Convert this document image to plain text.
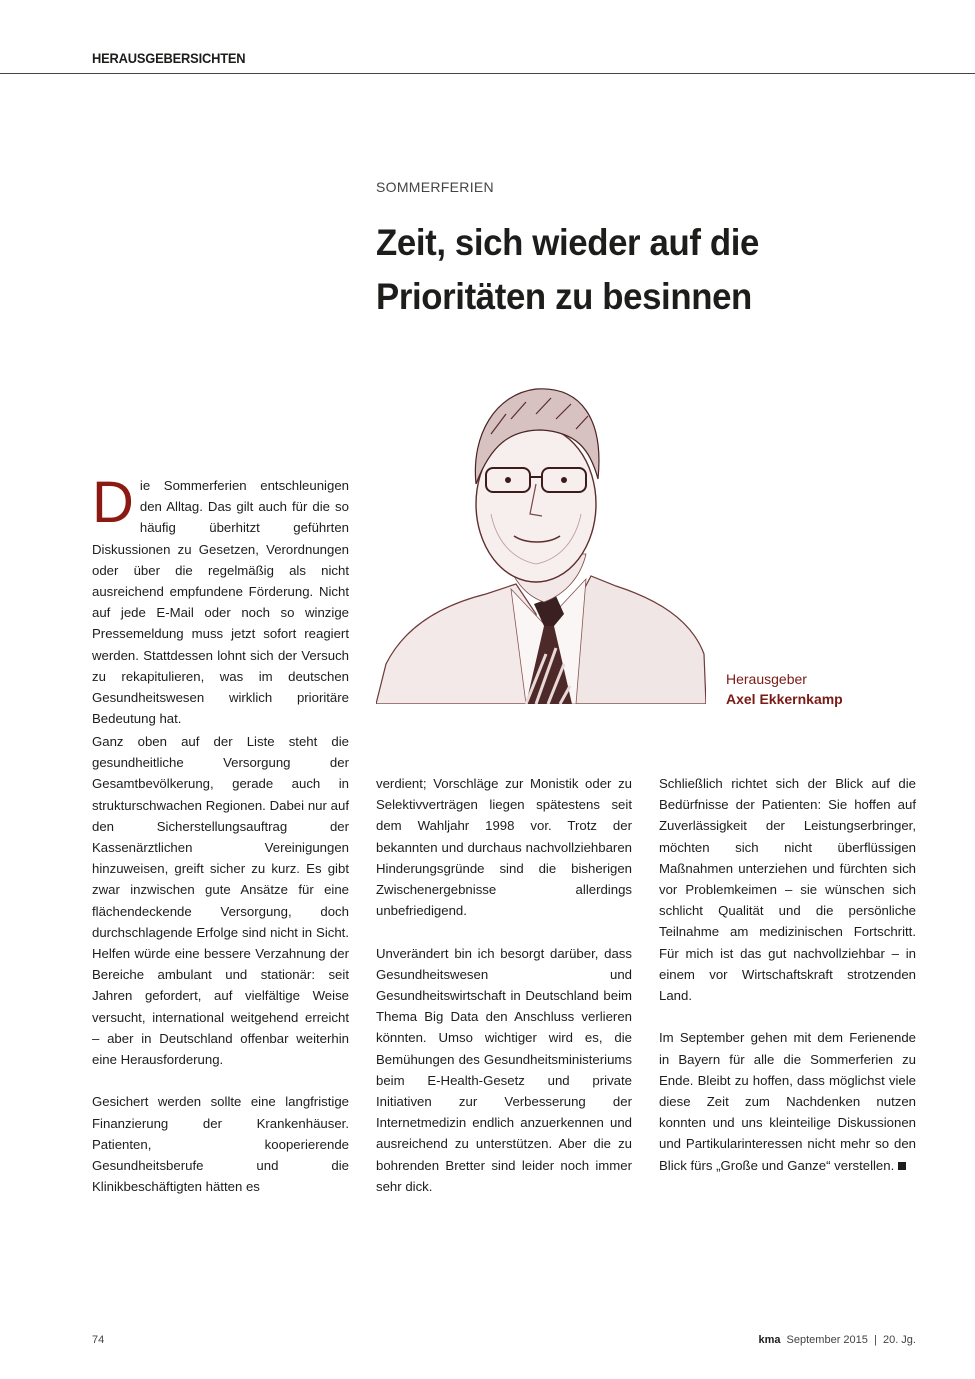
HERAUSGEBERSICHTEN
SOMMERFERIEN
Zeit, sich wieder auf die
Prioritäten zu besinnen
Herausgeber
Axel Ekkernkamp

Die Sommerferien entschleunigen den Alltag. Das gilt auch für die so häufig überhitzt geführten Diskussionen zu Gesetzen, Verordnungen oder über die regelmäßig als nicht ausreichend empfundene Förderung. Nicht auf jede E-Mail oder noch so winzige Pressemeldung muss jetzt sofort reagiert werden. Stattdessen lohnt sich der Versuch zu rekapitulieren, was im deutschen Gesundheitswesen wirklich prioritäre Bedeutung hat.

Ganz oben auf der Liste steht die gesundheitliche Versorgung der Gesamtbevölkerung, gerade auch in strukturschwachen Regionen. Dabei nur auf den Sicherstellungsauftrag der Kassenärztlichen Vereinigungen hinzuweisen, greift sicher zu kurz. Es gibt zwar inzwischen gute Ansätze für eine flächendeckende Versorgung, doch durchschlagende Erfolge sind nicht in Sicht. Helfen würde eine bessere Verzahnung der Bereiche ambulant und stationär: seit Jahren gefordert, auf vielfältige Weise versucht, international weitgehend erreicht – aber in Deutschland offenbar weiterhin eine Herausforderung.

Gesichert werden sollte eine langfristige Finanzierung der Krankenhäuser. Patienten, kooperierende Gesundheitsberufe und die Klinikbeschäftigten hätten es

verdient; Vorschläge zur Monistik oder zu Selektivverträgen liegen spätestens seit dem Wahljahr 1998 vor. Trotz der bekannten und durchaus nachvollziehbaren Hinderungsgründe sind die bisherigen Zwischenergebnisse allerdings unbefriedigend.

Unverändert bin ich besorgt darüber, dass Gesundheitswesen und Gesundheitswirtschaft in Deutschland beim Thema Big Data den Anschluss verlieren könnten. Umso wichtiger wird es, die Bemühungen des Gesundheitsministeriums beim E-Health-Gesetz und private Initiativen zur Verbesserung der Internetmedizin endlich anzuerkennen und ausreichend zu unterstützen. Aber die zu bohrenden Bretter sind leider noch immer sehr dick.

Schließlich richtet sich der Blick auf die Bedürfnisse der Patienten: Sie hoffen auf Zuverlässigkeit der Leistungserbringer, möchten sich nicht überflüssigen Maßnahmen unterziehen und fürchten sich vor Problemkeimen – sie wünschen sich schlicht Qualität und die persönliche Teilnahme am medizinischen Fortschritt. Für mich ist das gut nachvollziehbar – in einem vor Wirtschaftskraft strotzenden Land.

Im September gehen mit dem Ferienende in Bayern für alle die Sommerferien zu Ende. Bleibt zu hoffen, dass möglichst viele diese Zeit zum Nachdenken nutzen konnten und uns kleinteilige Diskussionen und Partikularinteressen nicht mehr so den Blick fürs „Große und Ganze“ verstellen.

74	kma September 2015  |  20. Jg.
